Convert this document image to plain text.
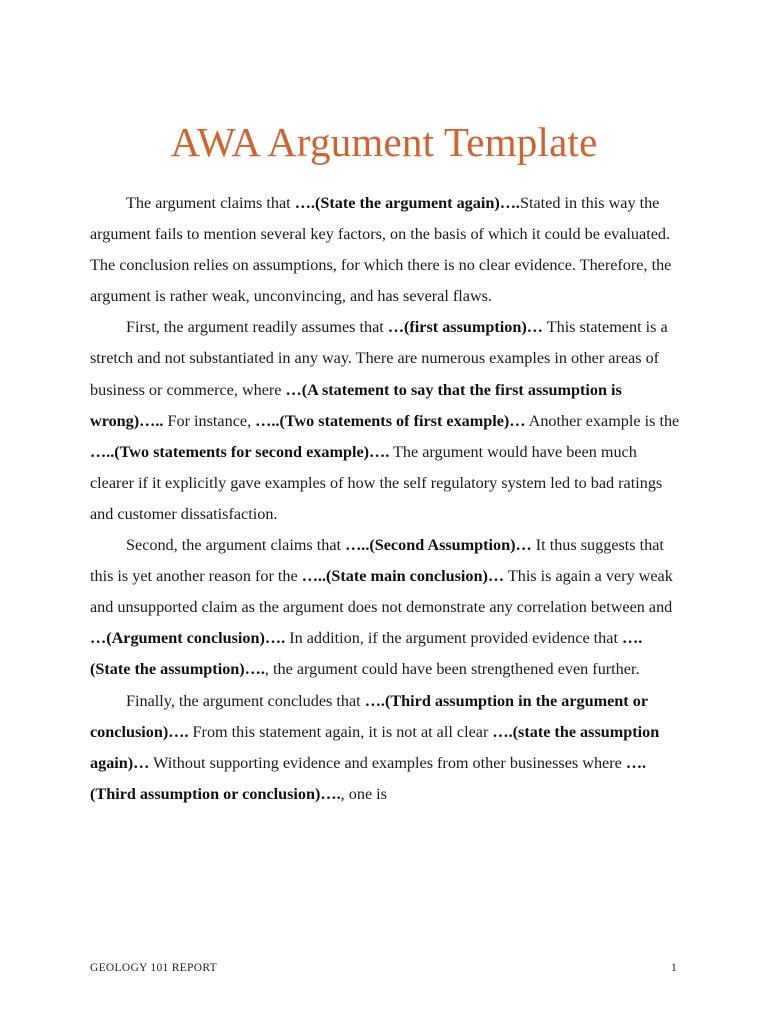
AWA Argument Template

The argument claims that ….(State the argument again)….Stated in this way the argument fails to mention several key factors, on the basis of which it could be evaluated. The conclusion relies on assumptions, for which there is no clear evidence. Therefore, the argument is rather weak, unconvincing, and has several flaws.

First, the argument readily assumes that …(first assumption)… This statement is a stretch and not substantiated in any way. There are numerous examples in other areas of business or commerce, where …(A statement to say that the first assumption is wrong)….. For instance, …..(Two statements of first example)… Another example is the …..(Two statements for second example)…. The argument would have been much clearer if it explicitly gave examples of how the self regulatory system led to bad ratings and customer dissatisfaction.

Second, the argument claims that …..(Second Assumption)… It thus suggests that this is yet another reason for the …..(State main conclusion)… This is again a very weak and unsupported claim as the argument does not demonstrate any correlation between and …(Argument conclusion)…. In addition, if the argument provided evidence that ….(State the assumption)…., the argument could have been strengthened even further.

Finally, the argument concludes that ….(Third assumption in the argument or conclusion)…. From this statement again, it is not at all clear ….(state the assumption again)… Without supporting evidence and examples from other businesses where ….(Third assumption or conclusion)…., one is

GEOLOGY 101 REPORT	1
